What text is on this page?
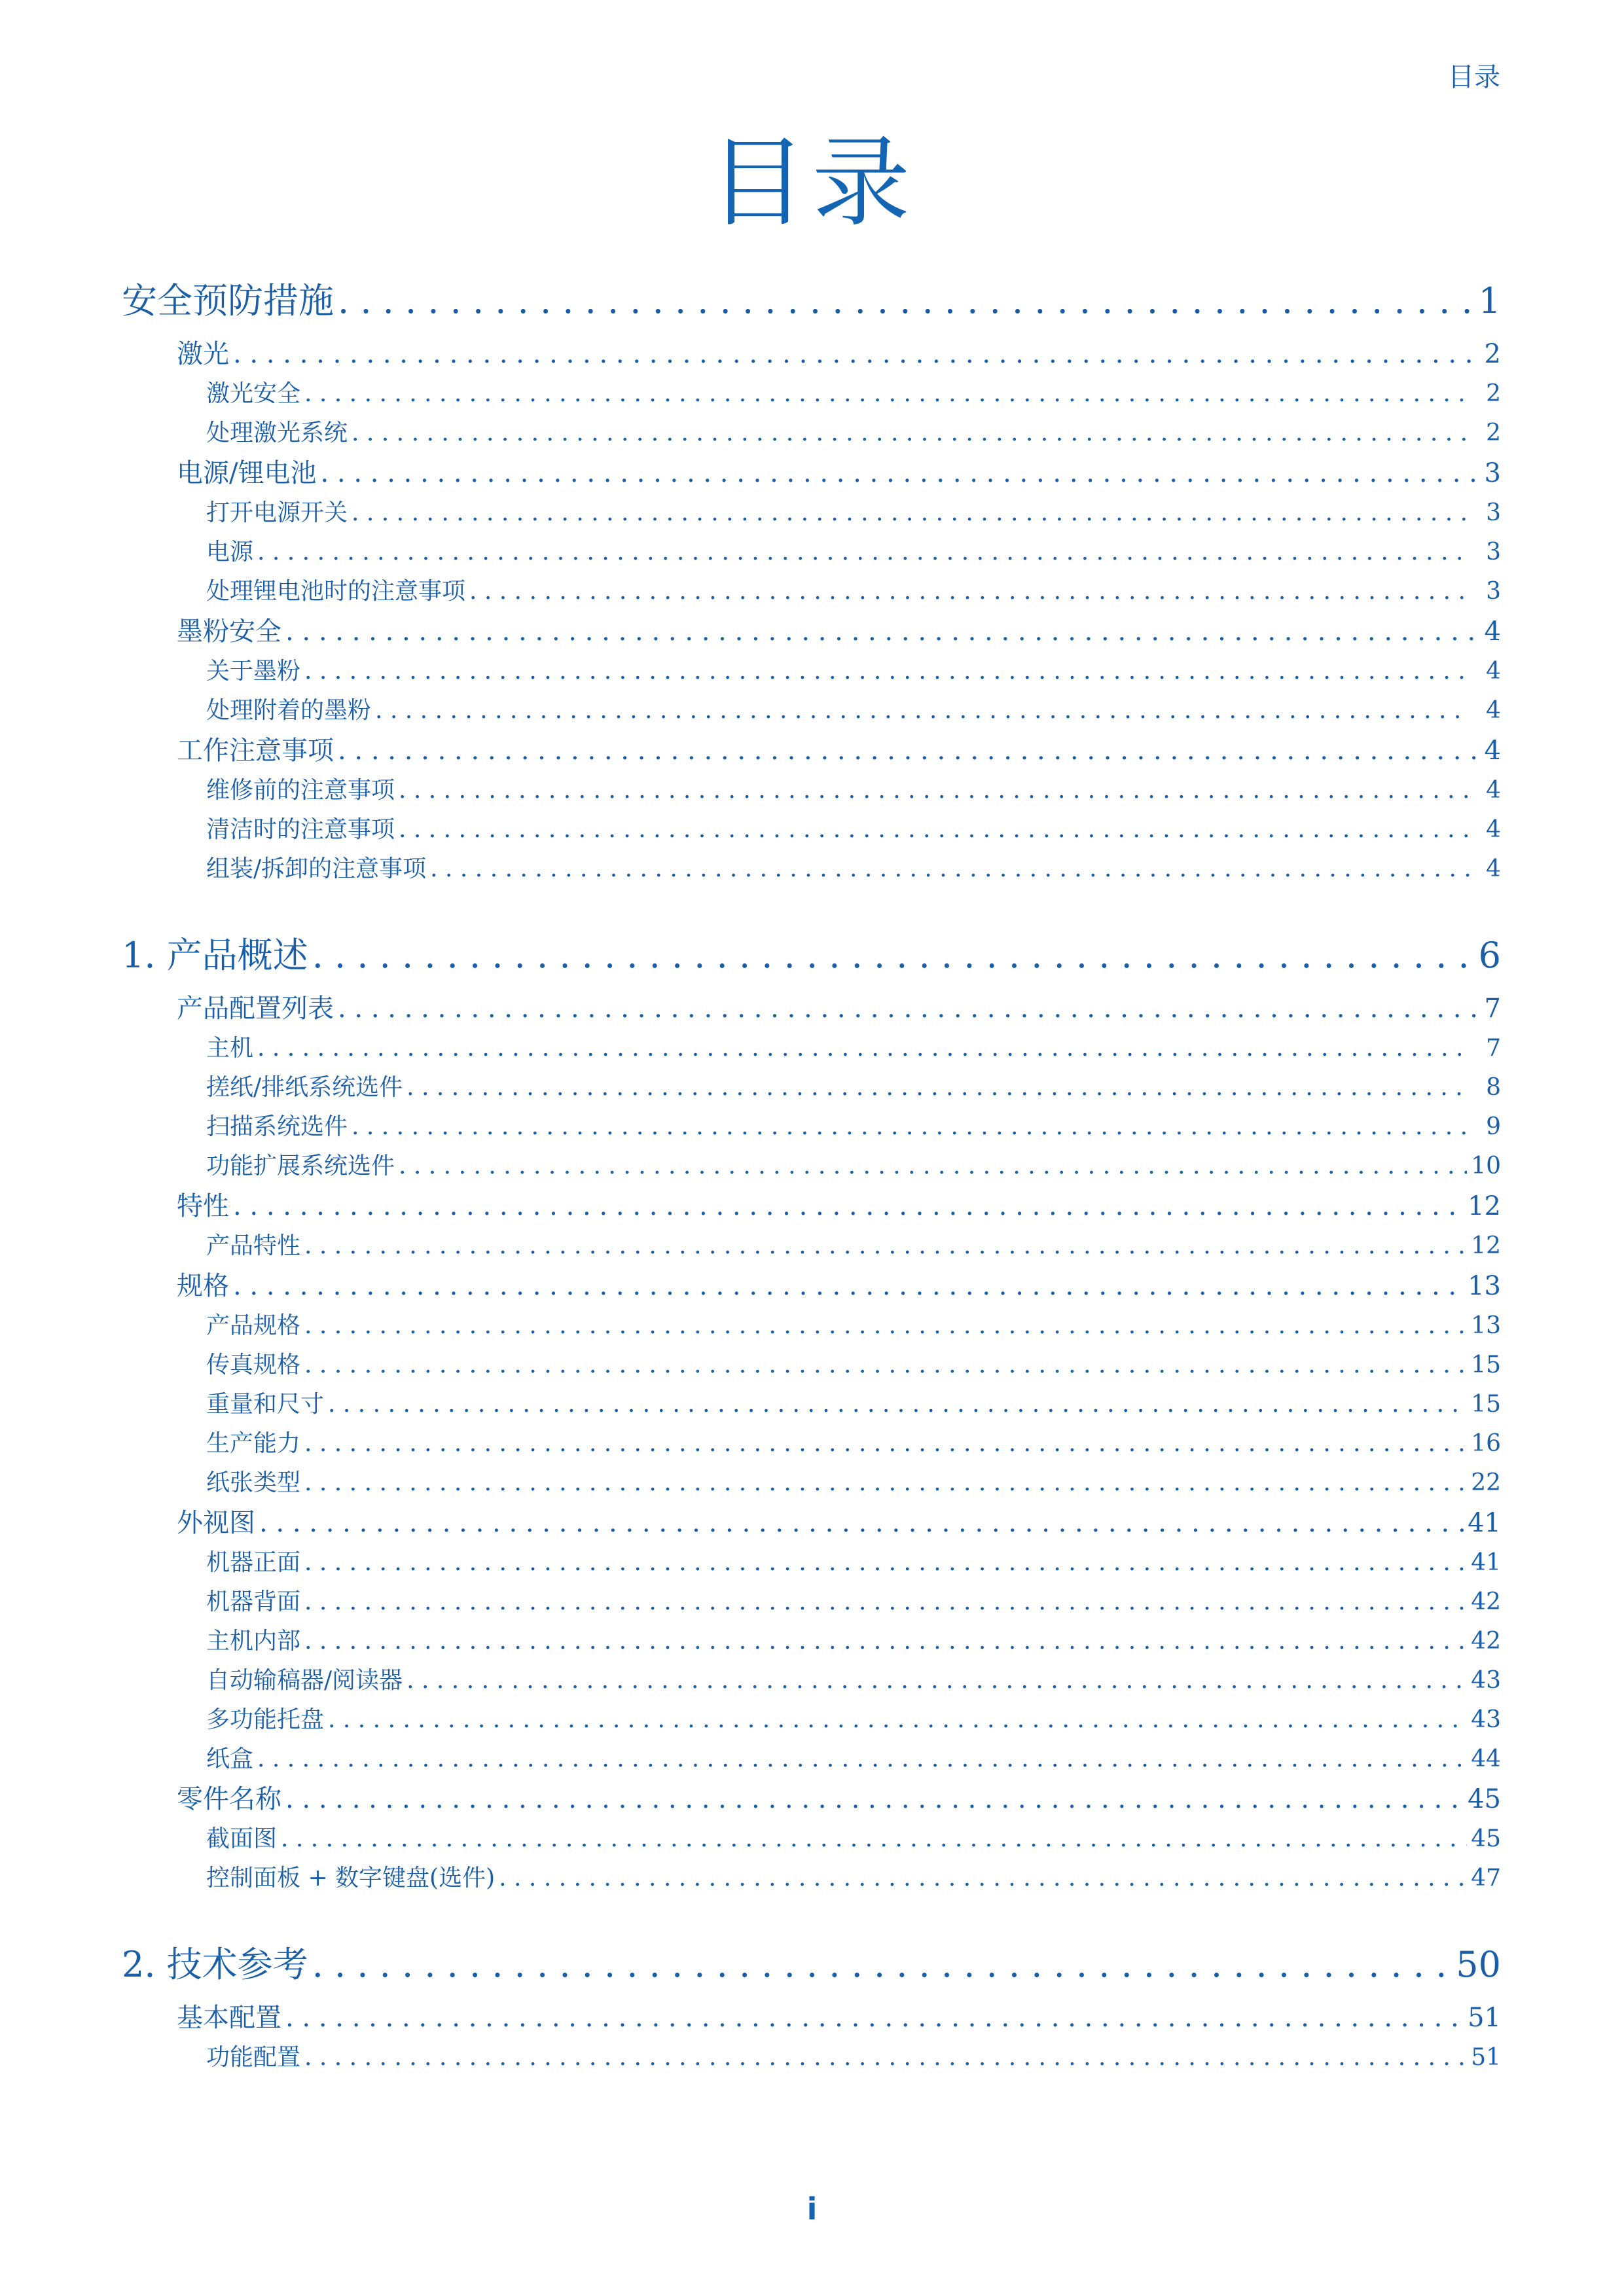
目录
目录
安全预防措施 . . .	1
激光 . . .	2
激光安全 . . .	2
处理激光系统 . . .	2
电源/锂电池 . . .	3
打开电源开关 . . .	3
电源 . . .	3
处理锂电池时的注意事项 . . .	3
墨粉安全 . . .	4
关于墨粉 . . .	4
处理附着的墨粉 . . .	4
工作注意事项 . . .	4
维修前的注意事项 . . .	4
清洁时的注意事项 . . .	4
组装/拆卸的注意事项 . . .	4
1. 产品概述 . . .	6
产品配置列表 . . .	7
主机 . . .	7
搓纸/排纸系统选件 . . .	8
扫描系统选件 . . .	9
功能扩展系统选件 . . .	10
特性 . . .	12
产品特性 . . .	12
规格 . . .	13
产品规格 . . .	13
传真规格 . . .	15
重量和尺寸 . . .	15
生产能力 . . .	16
纸张类型 . . .	22
外视图 . . .	41
机器正面 . . .	41
机器背面 . . .	42
主机内部 . . .	42
自动输稿器/阅读器 . . .	43
多功能托盘 . . .	43
纸盒 . . .	44
零件名称 . . .	45
截面图 . . .	45
控制面板 + 数字键盘(选件) . . .	47
2. 技术参考 . . .	50
基本配置 . . .	51
功能配置 . . .	51
i
